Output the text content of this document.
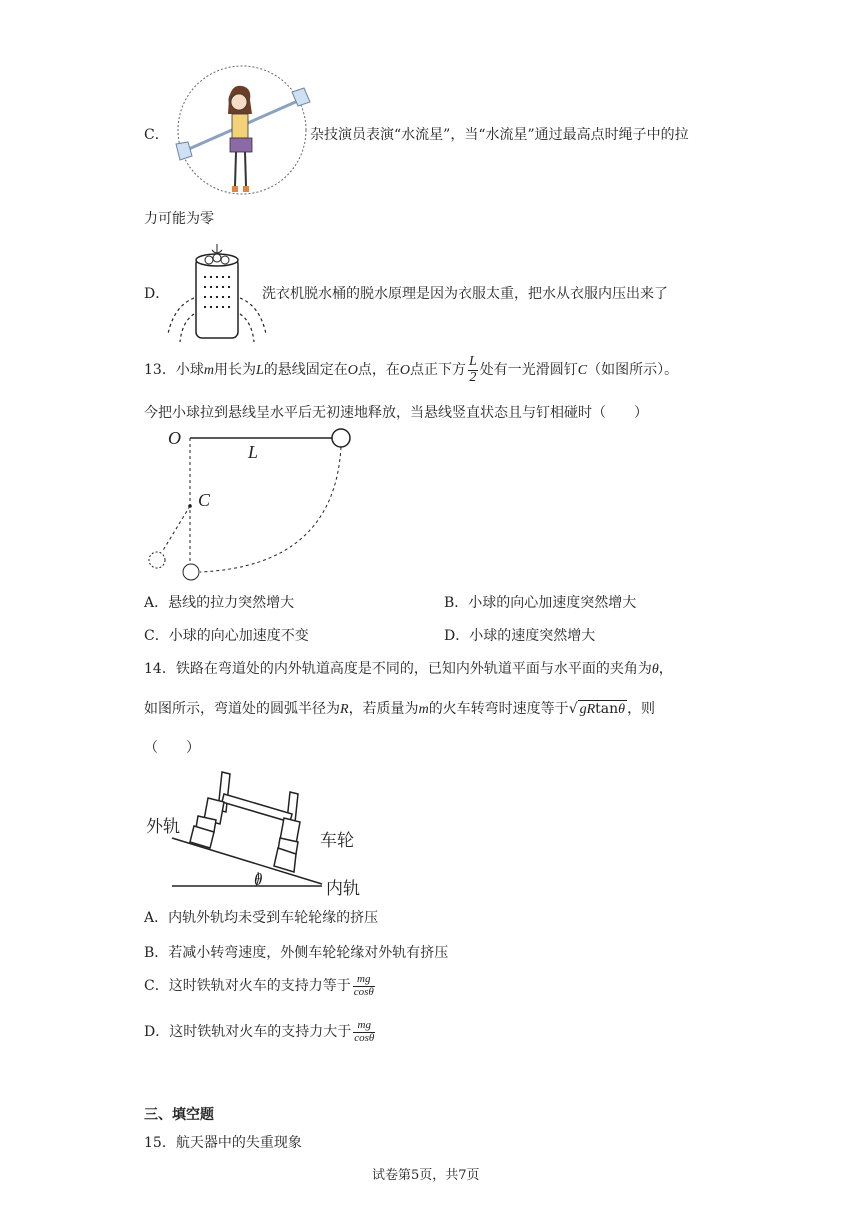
C．	杂技演员表演“水流星”，当“水流星”通过最高点时绳子中的拉
力可能为零
D．	洗衣机脱水桶的脱水原理是因为衣服太重，把水从衣服内压出来了
13．小球m用长为L的悬线固定在O点，在O点正下方 $\frac{L}{2}$ 处有一光滑圆钉C（如图所示）。
今把小球拉到悬线呈水平后无初速地释放，当悬线竖直状态且与钉相碰时（　　）
O
L
C
A．悬线的拉力突然增大	B．小球的向心加速度突然增大
C．小球的向心加速度不变	D．小球的速度突然增大
14．铁路在弯道处的内外轨道高度是不同的，已知内外轨道平面与水平面的夹角为θ，
如图所示，弯道处的圆弧半径为R，若质量为m的火车转弯时速度等于√ gRtanθ ，则
（　　）
外轨
车轮
内轨
θ
A．内轨外轨均未受到车轮轮缘的挤压
B．若减小转弯速度，外侧车轮轮缘对外轨有挤压
C．这时铁轨对火车的支持力等于 $\frac{mg}{\cos\theta}$
D．这时铁轨对火车的支持力大于 $\frac{mg}{\cos\theta}$
三、填空题
15．航天器中的失重现象
试卷第5页，共7页
